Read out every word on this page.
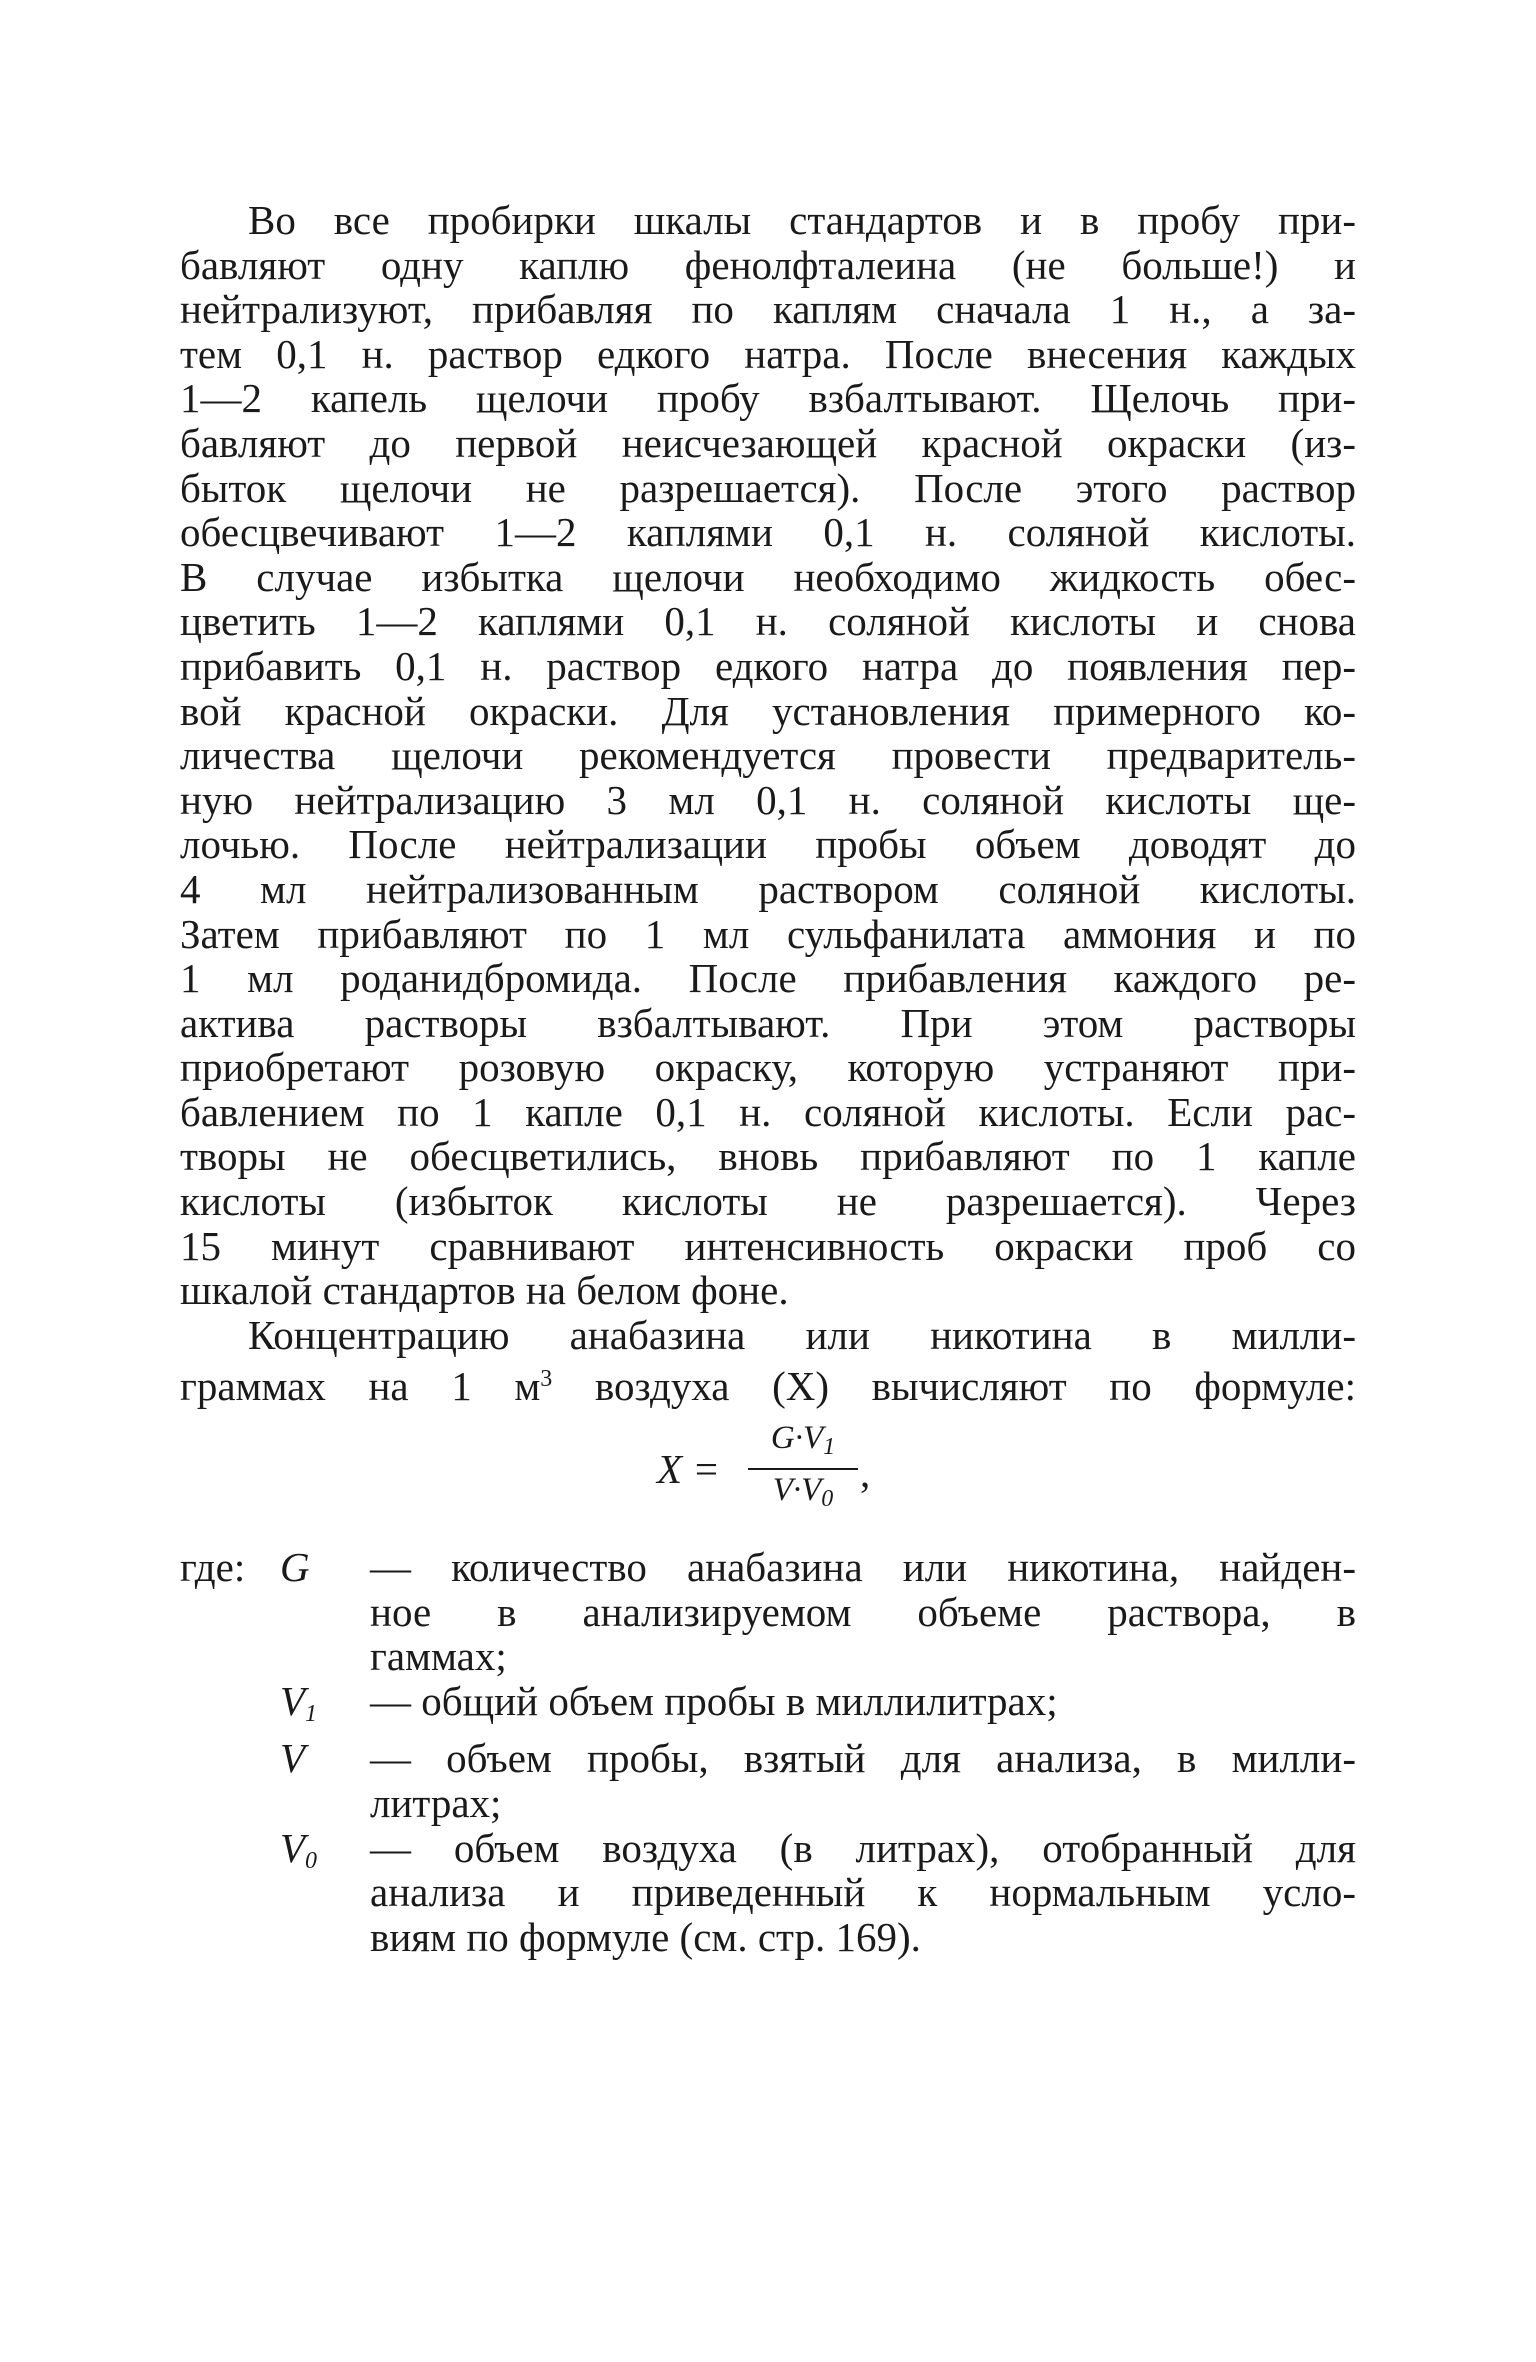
Во все пробирки шкалы стандартов и в пробу при-
бавляют одну каплю фенолфталеина (не больше!) и
нейтрализуют, прибавляя по каплям сначала 1 н., а за-
тем 0,1 н. раствор едкого натра. После внесения каждых
1—2 капель щелочи пробу взбалтывают. Щелочь при-
бавляют до первой неисчезающей красной окраски (из-
быток щелочи не разрешается). После этого раствор
обесцвечивают 1—2 каплями 0,1 н. соляной кислоты.
В случае избытка щелочи необходимо жидкость обес-
цветить 1—2 каплями 0,1 н. соляной кислоты и снова
прибавить 0,1 н. раствор едкого натра до появления пер-
вой красной окраски. Для установления примерного ко-
личества щелочи рекомендуется провести предваритель-
ную нейтрализацию 3 мл 0,1 н. соляной кислоты ще-
лочью. После нейтрализации пробы объем доводят до
4 мл нейтрализованным раствором соляной кислоты.
Затем прибавляют по 1 мл сульфанилата аммония и по
1 мл роданидбромида. После прибавления каждого ре-
актива растворы взбалтывают. При этом растворы
приобретают розовую окраску, которую устраняют при-
бавлением по 1 капле 0,1 н. соляной кислоты. Если рас-
творы не обесцветились, вновь прибавляют по 1 капле
кислоты (избыток кислоты не разрешается). Через
15 минут сравнивают интенсивность окраски проб со
шкалой стандартов на белом фоне.

Концентрацию анабазина или никотина в милли-
граммах на 1 $м^3$ воздуха (X) вычисляют по формуле:

$X = \frac{G\cdot V_1}{V\cdot V_0}$ ,
где: G	— количество анабазина или никотина, найден-
ное в анализируемом объеме раствора, в
гаммах;
$V_1$	— общий объем пробы в миллилитрах;
V	— объем пробы, взятый для анализа, в милли-
литрах;
$V_0$	— объем воздуха (в литрах), отобранный для
анализа и приведенный к нормальным усло-
виям по формуле (см. стр. 169).
